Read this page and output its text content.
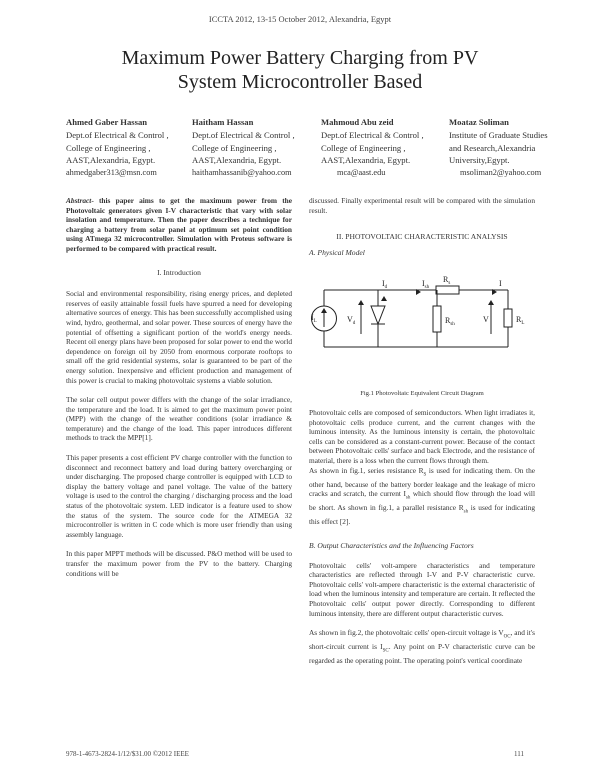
ICCTA 2012, 13-15 October 2012, Alexandria, Egypt
Maximum Power Battery Charging from PV
System Microcontroller Based
Ahmed Gaber Hassan
Dept.of Electrical & Control ,
College of Engineering ,
AAST,Alexandria, Egypt.
Haitham Hassan
Dept.of Electrical & Control ,
College of Engineering ,
AAST,Alexandria, Egypt.
Mahmoud Abu zeid
Dept.of Electrical & Control ,
College of Engineering ,
AAST,Alexandria, Egypt.
Moataz Soliman
Institute of Graduate Studies
and Research,Alexandria
University,Egypt.
ahmedgaber313@msn.com	haithamhassanib@yahoo.com	mca@aast.edu	msoliman2@yahoo.com

Abstract- this paper aims to get the maximum power from the Photovoltaic generators given I-V characteristic that vary with solar insolation and temperature. Then the paper describes a technique for charging a battery from solar panel at optimum set point condition using ATmega 32 microcontroller. Simulation with Proteus software is performed to be compared with practical result.

I. Introduction

Social and environmental responsibility, rising energy prices, and depleted reserves of easily attainable fossil fuels have spurred a need for developing alternative sources of energy. This has been successfully accomplished using wind, hydro, geothermal, and solar power. These sources of energy have the potential of offsetting a significant portion of the world's energy needs. Recent oil energy plans have been proposed for solar power to end the world dependence on foreign oil by 2050 from enormous corporate rooftops to small off the grid residential systems, solar is guaranteed to be part of the energy solution. Inexpensive and efficient production and management of this power is crucial to making photovoltaic systems a viable solution.

The solar cell output power differs with the change of the solar irradiance, the temperature and the load. It is aimed to get the maximum power point (MPP) with the change of the weather conditions (solar irradiance & temperature) and the change of the load. This paper introduces different methods to track the MPP[1].

This paper presents a cost efficient PV charge controller with the function to disconnect and reconnect battery and load during battery overcharging or under discharging. The proposed charge controller is equipped with LCD to display the battery voltage and panel voltage. The value of the battery voltage is used to the control the charging / discharging process and the load status of the photovoltaic system. LED indicator is a feature used to show the status of the system. The source code for the ATMEGA 32 microcontroller is written in C code which is more user friendly than using assembly language.

In this paper MPPT methods will be discussed. P&O method will be used to transfer the maximum power from the PV to the battery. Charging conditions will be

discussed. Finally experimental result will be compared with the simulation result.

II. PHOTOVOLTAIC CHARACTERISTIC ANALYSIS

A. Physical Model

$R_s$
$I_L$	$V_d$
$I_d$	$I_{sh}$
$R_{sh}$
I
V	$R_L$
Fig.1 Photovoltaic Equivalent Circuit Diagram

Photovoltaic cells are composed of semiconductors. When light irradiates it, photovoltaic cells produce current, and the current changes with the luminous intensity. As the luminous intensity is certain, the photovoltaic cells can be considered as a constant-current power. Because of the contact between Photovoltaic cells' surface and back Electrode, and the resistance of material, there is a loss when the current flows through them.

As shown in fig.1, series resistance $R_S$ is used for indicating them. On the other hand, because of the battery border leakage and the leakage of micro cracks and scratch, the current $I_{sh}$ which should flow through the load will be short. As shown in fig.1, a parallel resistance $R_{sh}$ is used for indicating this effect [2].

B. Output Characteristics and the Influencing Factors

Photovoltaic cells' volt-ampere characteristics and temperature characteristics are reflected through I-V and P-V characteristic curve. Photovoltaic cells' volt-ampere characteristic is the external characteristic of load when the luminous intensity and temperature are certain. It reflected the Photovoltaic cells' output power directly. Corresponding to different luminous intensity, there are different output characteristic curves.

As shown in fig.2, the photovoltaic cells' open-circuit voltage is $V_{OC}$, and it's short-circuit current is $I_{SC}$. Any point on P-V characteristic curve can be regarded as the operating point. The operating point's vertical coordinate

978-1-4673-2824-1/12/$31.00 ©2012 IEEE	111
